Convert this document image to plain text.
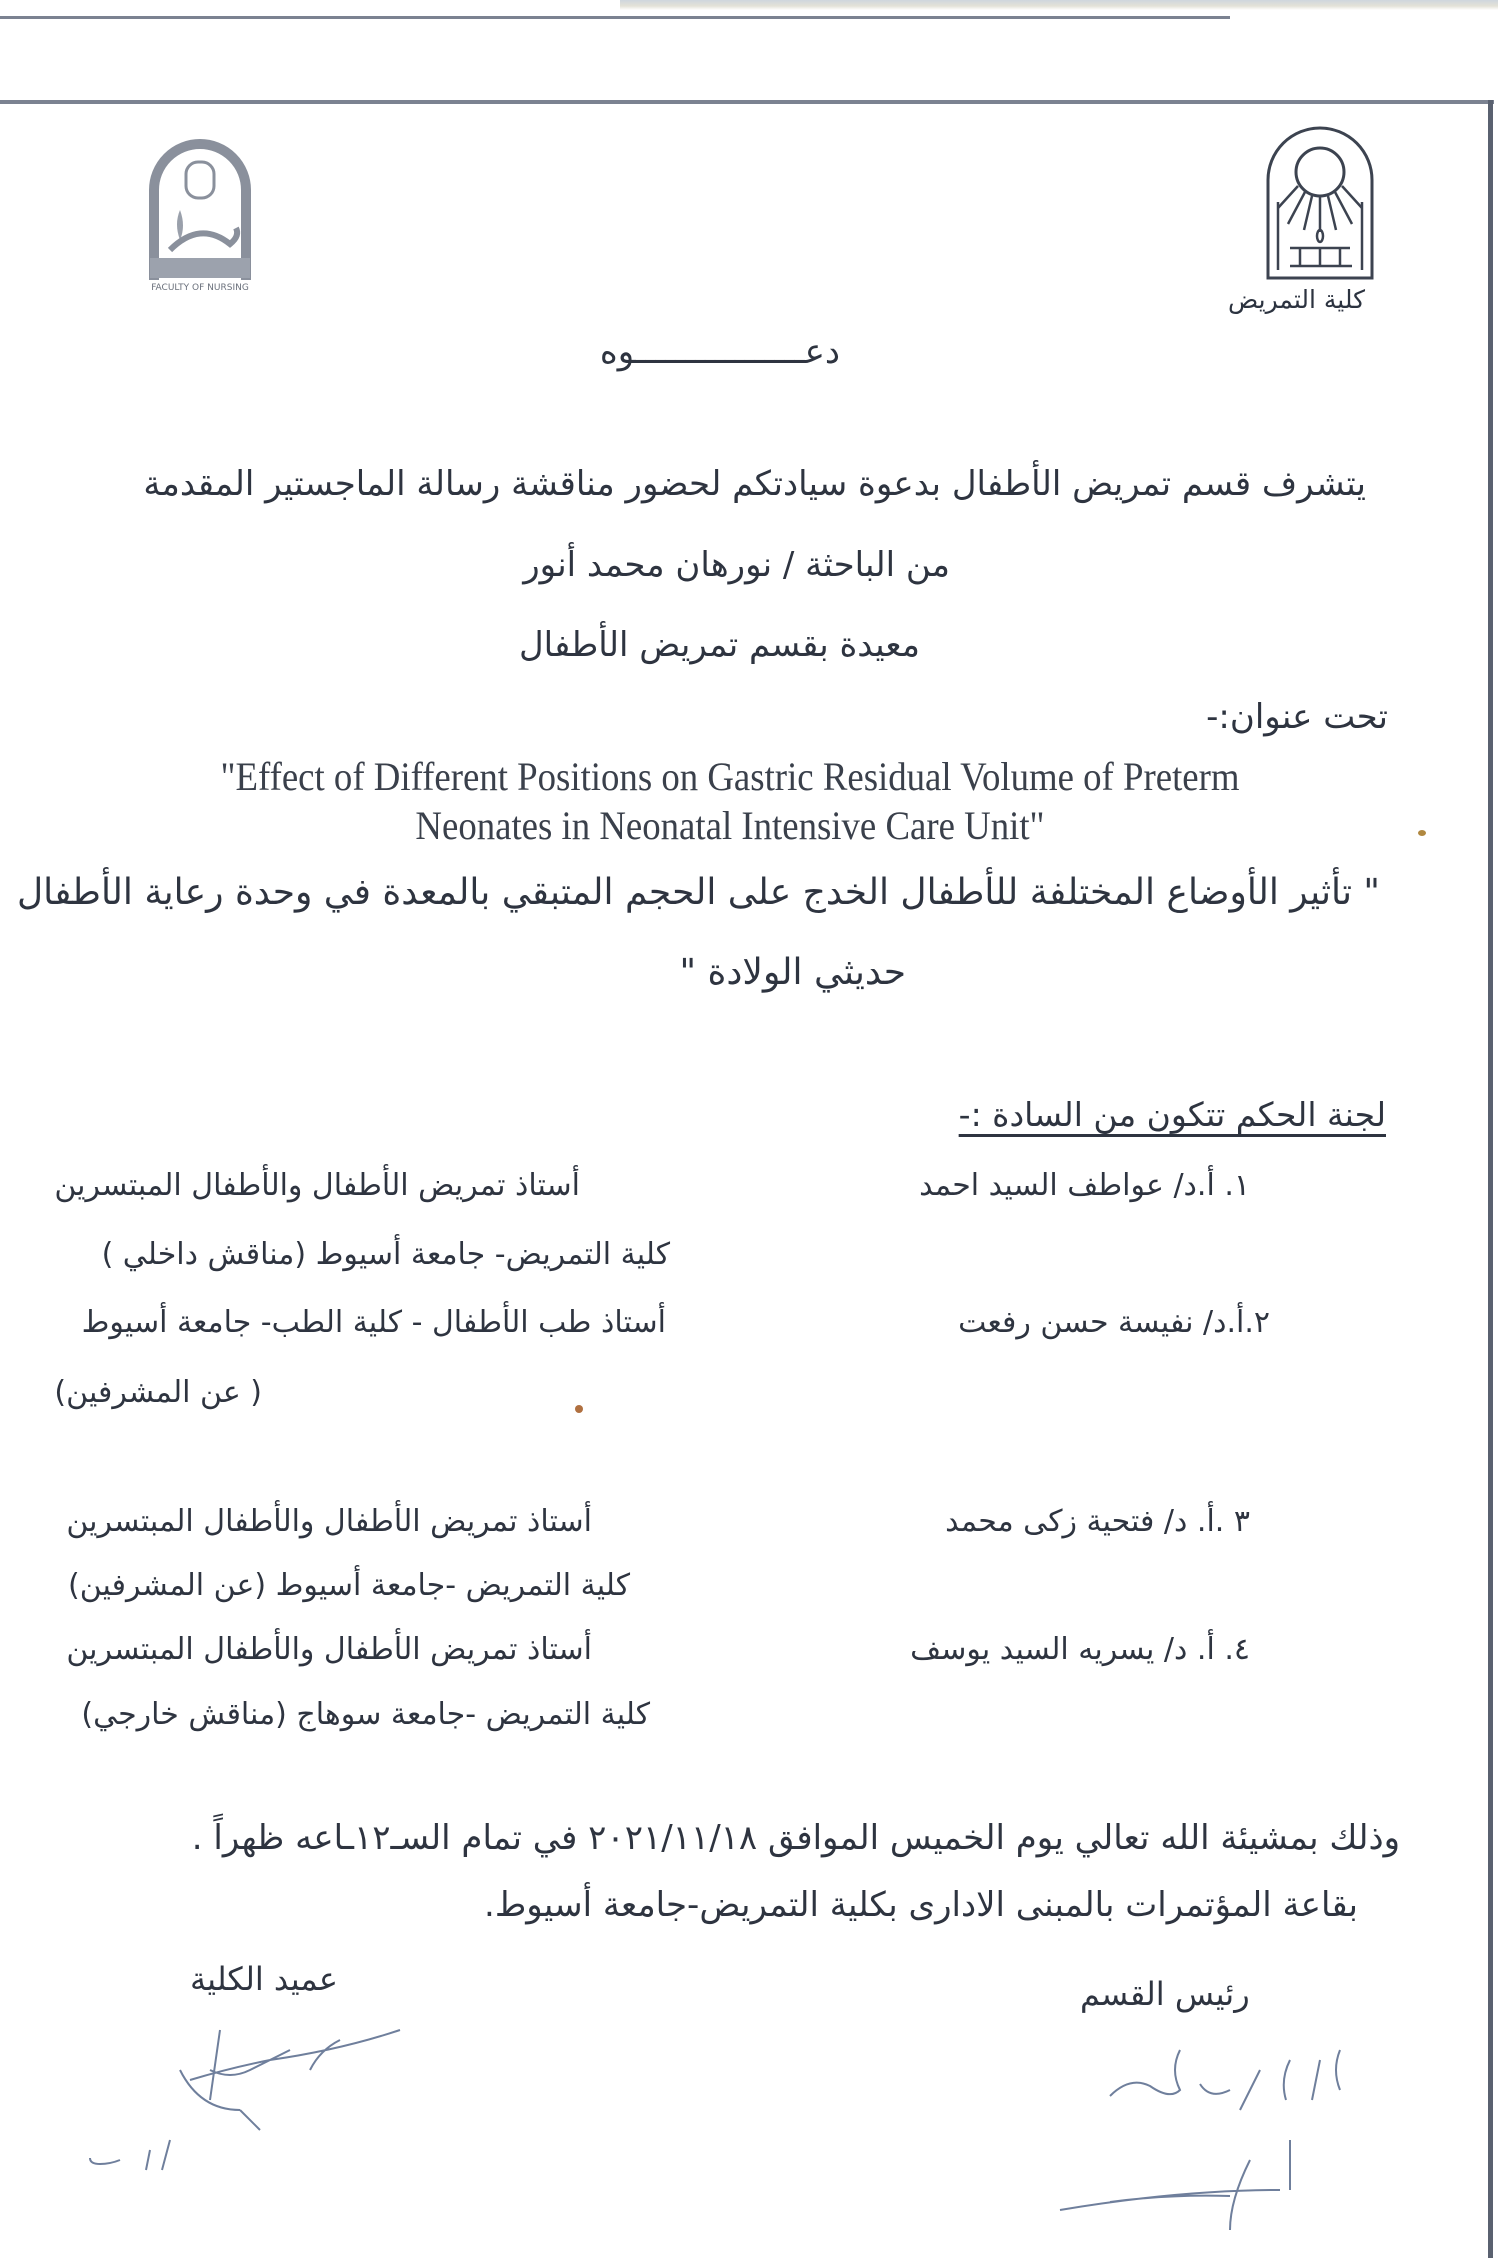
كلية التمريض
FACULTY OF NURSING
دعـــــــــــــــــوه
يتشرف قسم تمريض الأطفال بدعوة سيادتكم لحضور مناقشة رسالة الماجستير المقدمة
من الباحثة / نورهان محمد أنور
معيدة بقسم تمريض الأطفال
تحت عنوان:-
"Effect of Different Positions on Gastric Residual Volume of Preterm
Neonates in Neonatal Intensive Care Unit"
" تأثير الأوضاع المختلفة للأطفال الخدج على الحجم المتبقي بالمعدة في وحدة رعاية الأطفال
حديثي الولادة "
لجنة الحكم تتكون من السادة :-
١. أ.د/ عواطف السيد احمد
أستاذ تمريض الأطفال والأطفال المبتسرين
كلية التمريض- جامعة أسيوط (مناقش داخلي )
٢.أ.د/ نفيسة حسن رفعت
أستاذ طب الأطفال - كلية الطب- جامعة أسيوط
( عن المشرفين)
٣ .أ. د/ فتحية زكى محمد
أستاذ تمريض الأطفال والأطفال المبتسرين
كلية التمريض -جامعة أسيوط (عن المشرفين)
٤. أ. د/ يسريه السيد يوسف
أستاذ تمريض الأطفال والأطفال المبتسرين
كلية التمريض -جامعة سوهاج (مناقش خارجي)
وذلك بمشيئة الله تعالي يوم الخميس الموافق ٢٠٢١/١١/١٨ في تمام السـ١٢ـاعه ظهراً .
بقاعة المؤتمرات بالمبنى الادارى بكلية التمريض-جامعة أسيوط.
رئيس القسم
عميد الكلية
